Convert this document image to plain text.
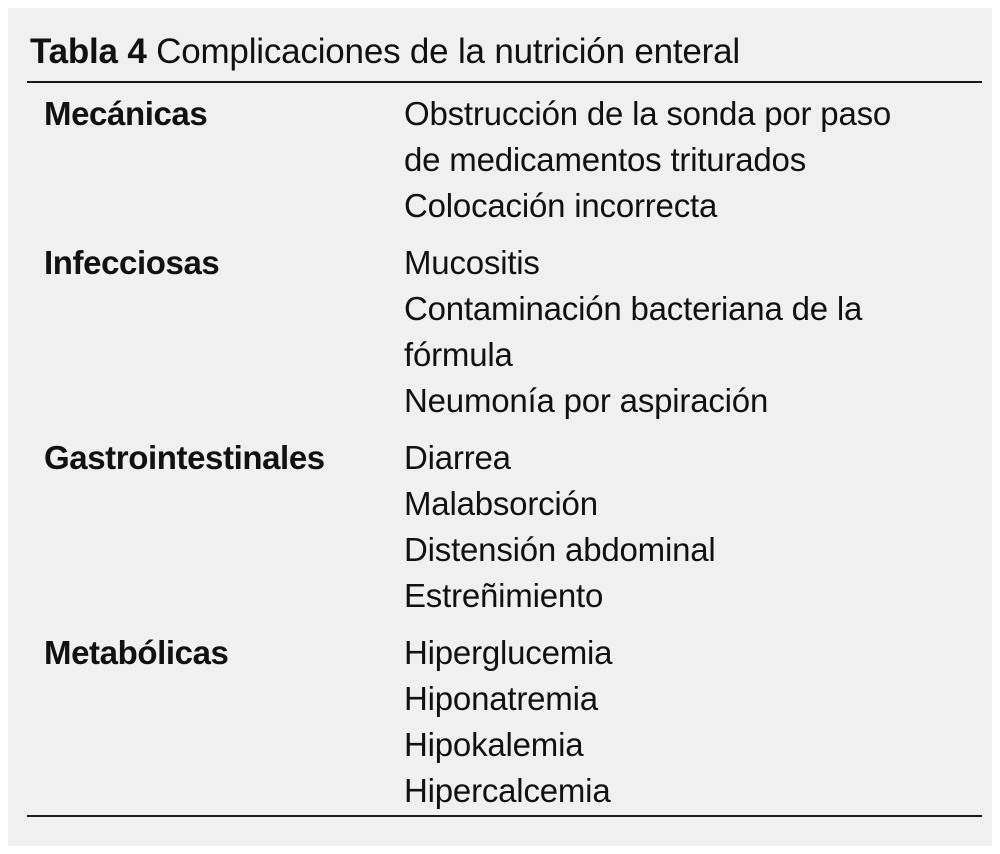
Tabla 4 Complicaciones de la nutrición enteral
Mecánicas	Obstrucción de la sonda por paso
de medicamentos triturados
Colocación incorrecta
Infecciosas	Mucositis
Contaminación bacteriana de la
fórmula
Neumonía por aspiración
Gastrointestinales	Diarrea
Malabsorción
Distensión abdominal
Estreñimiento
Metabólicas	Hiperglucemia
Hiponatremia
Hipokalemia
Hipercalcemia
